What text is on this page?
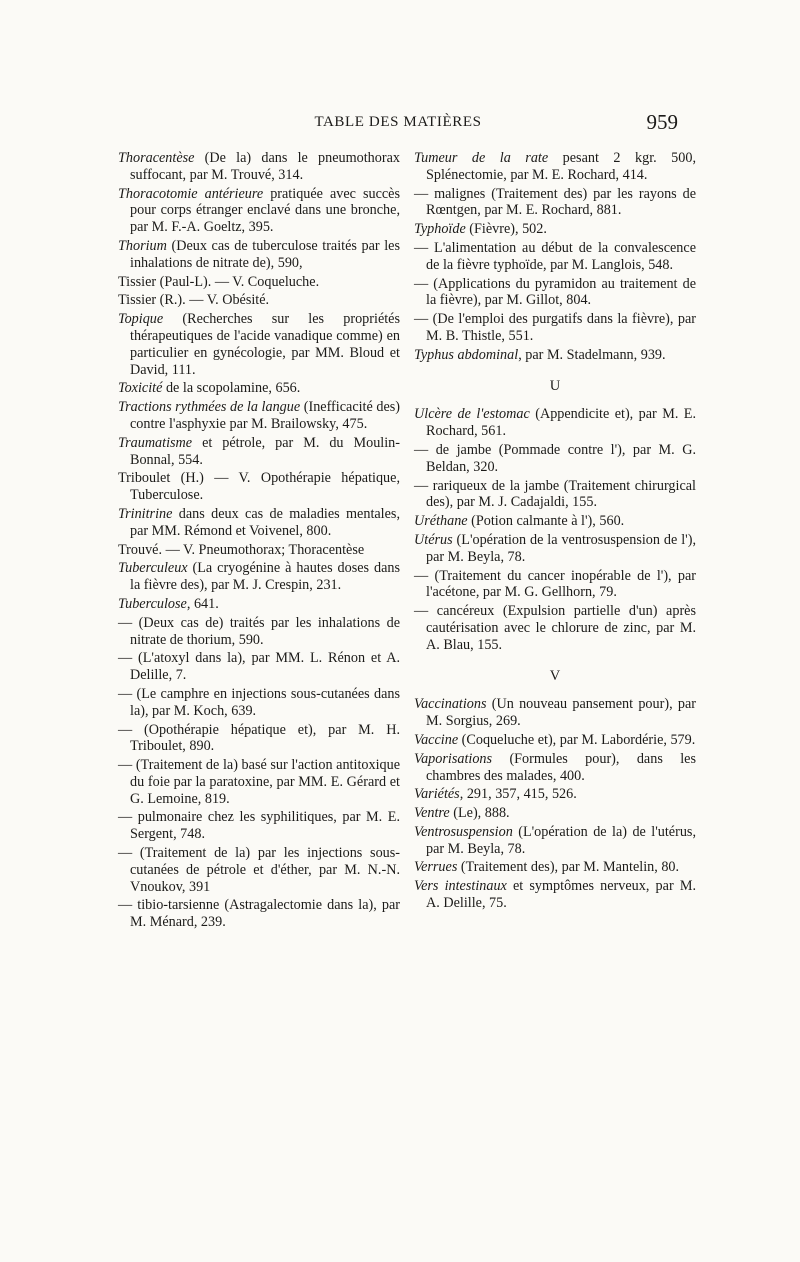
TABLE DES MATIÈRES	959
Thoracentèse (De la) dans le pneumothorax suffocant, par M. Trouvé, 314.
Thoracotomie antérieure pratiquée avec succès pour corps étranger enclavé dans une bronche, par M. F.-A. Goeltz, 395.
Thorium (Deux cas de tuberculose traités par les inhalations de nitrate de), 590,
Tissier (Paul-L). — V. Coqueluche.
Tissier (R.). — V. Obésité.
Topique (Recherches sur les propriétés thérapeutiques de l'acide vanadique comme) en particulier en gynécologie, par MM. Bloud et David, 111.
Toxicité de la scopolamine, 656.
Tractions rythmées de la langue (Inefficacité des) contre l'asphyxie par M. Brailowsky, 475.
Traumatisme et pétrole, par M. du Moulin-Bonnal, 554.
Triboulet (H.) — V. Opothérapie hépatique, Tuberculose.
Trinitrine dans deux cas de maladies mentales, par MM. Rémond et Voivenel, 800.
Trouvé. — V. Pneumothorax; Thoracentèse
Tuberculeux (La cryogénine à hautes doses dans la fièvre des), par M. J. Crespin, 231.
Tuberculose, 641.
— (Deux cas de) traités par les inhalations de nitrate de thorium, 590.
— (L'atoxyl dans la), par MM. L. Rénon et A. Delille, 7.
— (Le camphre en injections sous-cutanées dans la), par M. Koch, 639.
— (Opothérapie hépatique et), par M. H. Triboulet, 890.
— (Traitement de la) basé sur l'action antitoxique du foie par la paratoxine, par MM. E. Gérard et G. Lemoine, 819.
— pulmonaire chez les syphilitiques, par M. E. Sergent, 748.
— (Traitement de la) par les injections sous-cutanées de pétrole et d'éther, par M. N.-N. Vnoukov, 391
— tibio-tarsienne (Astragalectomie dans la), par M. Ménard, 239.
Tumeur de la rate pesant 2 kgr. 500, Splénectomie, par M. E. Rochard, 414.
— malignes (Traitement des) par les rayons de Rœntgen, par M. E. Rochard, 881.
Typhoïde (Fièvre), 502.
— L'alimentation au début de la convalescence de la fièvre typhoïde, par M. Langlois, 548.
— (Applications du pyramidon au traitement de la fièvre), par M. Gillot, 804.
— (De l'emploi des purgatifs dans la fièvre), par M. B. Thistle, 551.
Typhus abdominal, par M. Stadelmann, 939.
U
Ulcère de l'estomac (Appendicite et), par M. E. Rochard, 561.
— de jambe (Pommade contre l'), par M. G. Beldan, 320.
— rariqueux de la jambe (Traitement chirurgical des), par M. J. Cadajaldi, 155.
Uréthane (Potion calmante à l'), 560.
Utérus (L'opération de la ventrosuspension de l'), par M. Beyla, 78.
— (Traitement du cancer inopérable de l'), par l'acétone, par M. G. Gellhorn, 79.
— cancéreux (Expulsion partielle d'un) après cautérisation avec le chlorure de zinc, par M. A. Blau, 155.
V
Vaccinations (Un nouveau pansement pour), par M. Sorgius, 269.
Vaccine (Coqueluche et), par M. Labordérie, 579.
Vaporisations (Formules pour), dans les chambres des malades, 400.
Variétés, 291, 357, 415, 526.
Ventre (Le), 888.
Ventrosuspension (L'opération de la) de l'utérus, par M. Beyla, 78.
Verrues (Traitement des), par M. Mantelin, 80.
Vers intestinaux et symptômes nerveux, par M. A. Delille, 75.
